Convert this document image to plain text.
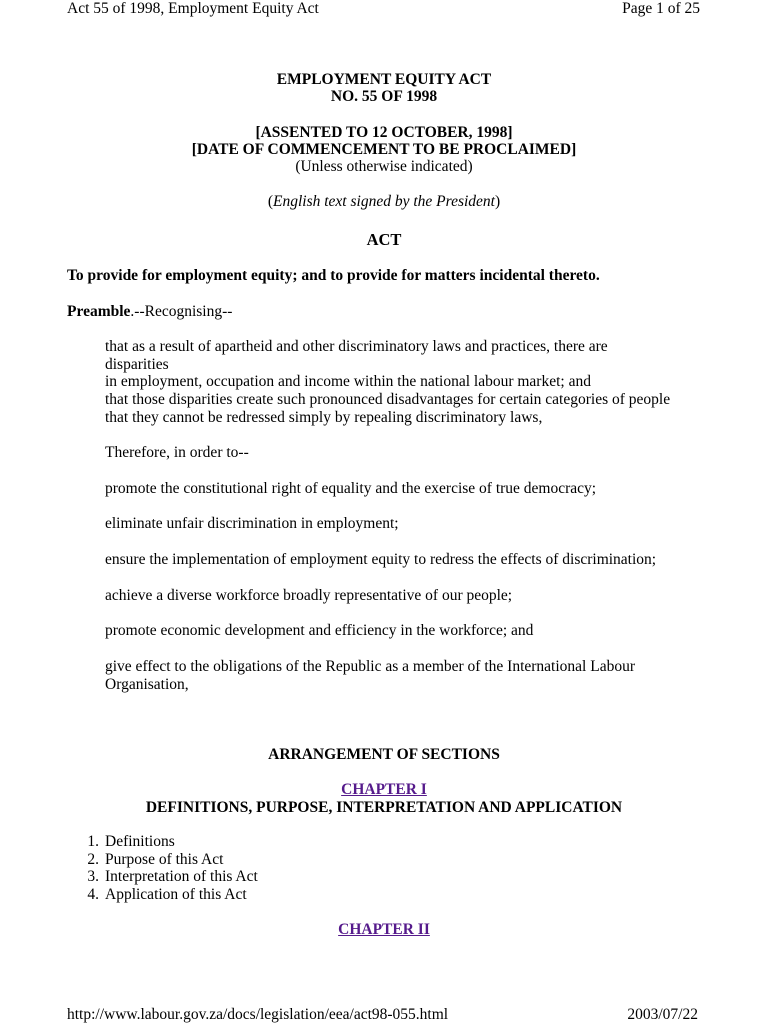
Act 55 of 1998, Employment Equity Act	Page 1 of 25
EMPLOYMENT EQUITY ACT
NO. 55 OF 1998
[ASSENTED TO 12 OCTOBER, 1998]
[DATE OF COMMENCEMENT TO BE PROCLAIMED]
(Unless otherwise indicated)
(English text signed by the President)
ACT
To provide for employment equity; and to provide for matters incidental thereto.
Preamble.--Recognising--
that as a result of apartheid and other discriminatory laws and practices, there are disparities
in employment, occupation and income within the national labour market; and
that those disparities create such pronounced disadvantages for certain categories of people
that they cannot be redressed simply by repealing discriminatory laws,
Therefore, in order to--
promote the constitutional right of equality and the exercise of true democracy;
eliminate unfair discrimination in employment;
ensure the implementation of employment equity to redress the effects of discrimination;
achieve a diverse workforce broadly representative of our people;
promote economic development and efficiency in the workforce; and
give effect to the obligations of the Republic as a member of the International Labour
Organisation,
ARRANGEMENT OF SECTIONS
CHAPTER I
DEFINITIONS, PURPOSE, INTERPRETATION AND APPLICATION
1. Definitions
2. Purpose of this Act
3. Interpretation of this Act
4. Application of this Act
CHAPTER II
http://www.labour.gov.za/docs/legislation/eea/act98-055.html	2003/07/22
